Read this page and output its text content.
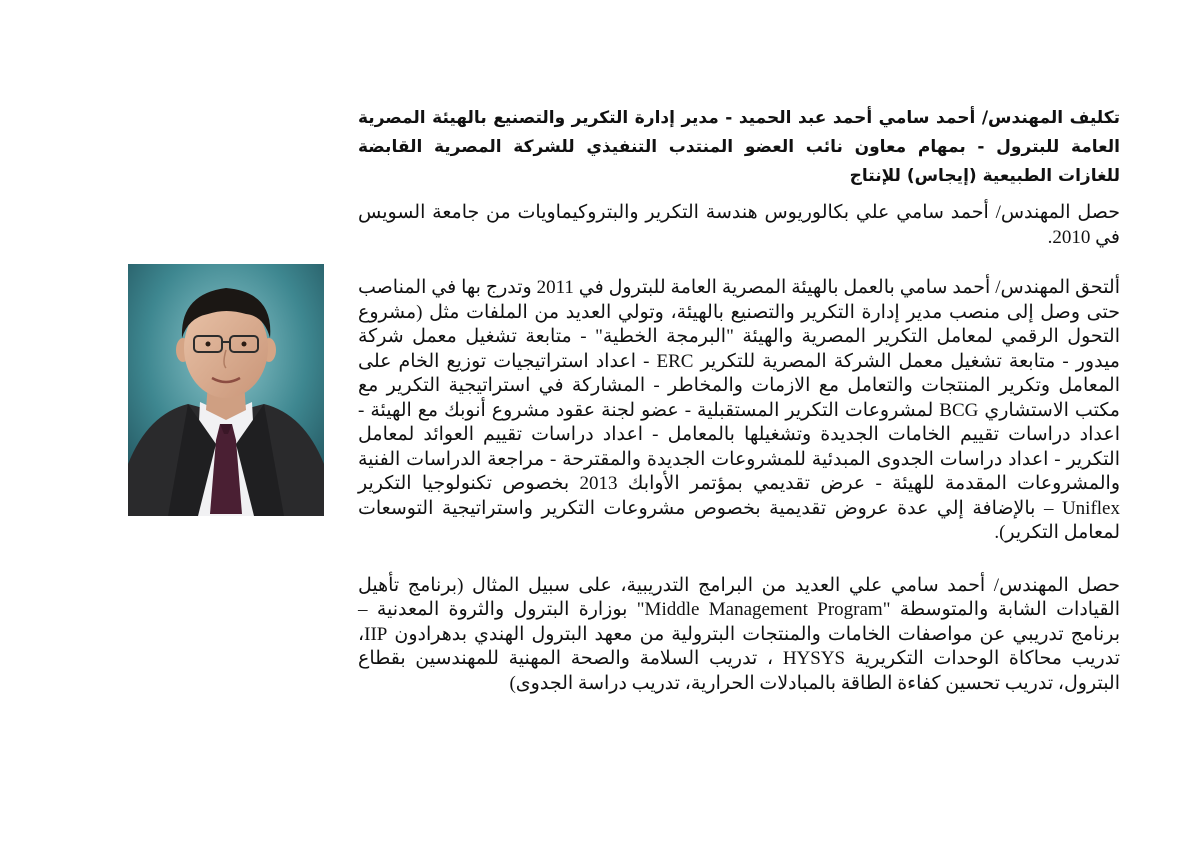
تكليف المهندس/ أحمد سامي أحمد عبد الحميد - مدير إدارة التكرير والتصنيع بالهيئة المصرية العامة للبترول - بمهام معاون نائب العضو المنتدب التنفيذي للشركة المصرية القابضة للغازات الطبيعية (إيجاس) للإنتاج

حصل المهندس/ أحمد سامي علي بكالوريوس هندسة التكرير والبتروكيماويات من جامعة السويس في 2010.

ألتحق المهندس/ أحمد سامي بالعمل بالهيئة المصرية العامة للبترول في 2011 وتدرج بها في المناصب حتى وصل إلى منصب مدير إدارة التكرير والتصنيع بالهيئة، وتولي العديد من الملفات مثل (مشروع التحول الرقمي لمعامل التكرير المصرية والهيئة "البرمجة الخطية" - متابعة تشغيل معمل شركة ميدور - متابعة تشغيل معمل الشركة المصرية للتكرير ERC - اعداد استراتيجيات توزيع الخام على المعامل وتكرير المنتجات والتعامل مع الازمات والمخاطر - المشاركة في استراتيجية التكرير مع مكتب الاستشاري BCG لمشروعات التكرير المستقبلية - عضو لجنة عقود مشروع أنوبك مع الهيئة - اعداد دراسات تقييم الخامات الجديدة وتشغيلها بالمعامل - اعداد دراسات تقييم العوائد لمعامل التكرير - اعداد دراسات الجدوى المبدئية للمشروعات الجديدة والمقترحة - مراجعة الدراسات الفنية والمشروعات المقدمة للهيئة - عرض تقديمي بمؤتمر الأوابك 2013 بخصوص تكنولوجيا التكرير Uniflex – بالإضافة إلي عدة عروض تقديمية بخصوص مشروعات التكرير واستراتيجية التوسعات لمعامل التكرير).

حصل المهندس/ أحمد سامي علي العديد من البرامج التدريبية، على سبيل المثال (برنامج تأهيل القيادات الشابة والمتوسطة "Middle Management Program" بوزارة البترول والثروة المعدنية – برنامج تدريبي عن مواصفات الخامات والمنتجات البترولية من معهد البترول الهندي بدهرادون IIP، تدريب محاكاة الوحدات التكريرية HYSYS ، تدريب السلامة والصحة المهنية للمهندسين بقطاع البترول، تدريب تحسين كفاءة الطاقة بالمبادلات الحرارية، تدريب دراسة الجدوى)
